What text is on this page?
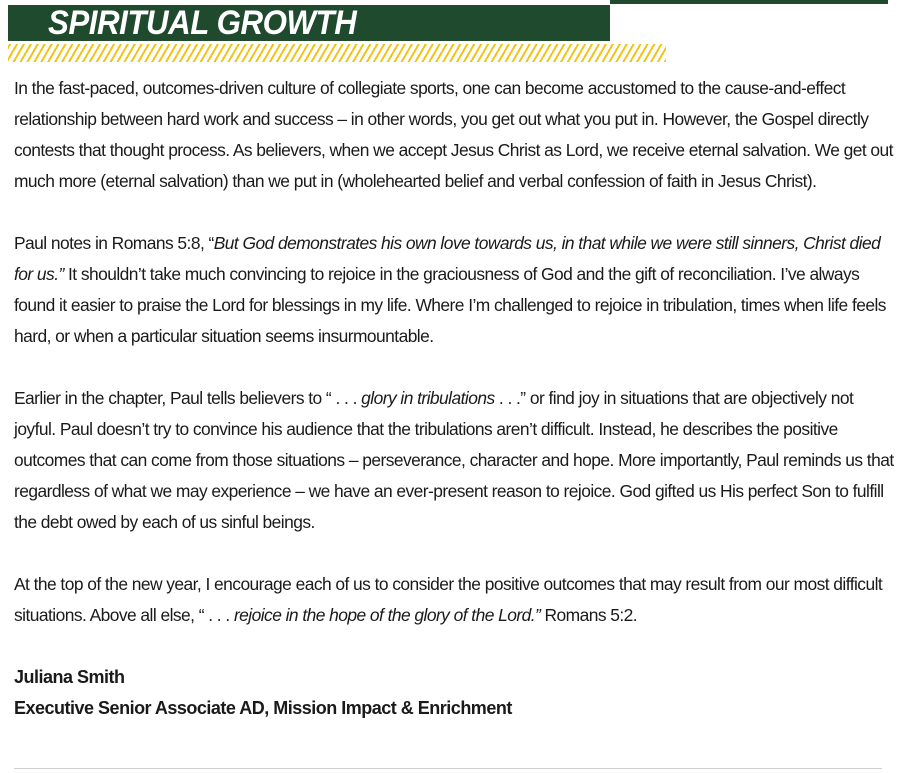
SPIRITUAL GROWTH

In the fast-paced, outcomes-driven culture of collegiate sports, one can become accustomed to the cause-and-effect relationship between hard work and success – in other words, you get out what you put in. However, the Gospel directly contests that thought process. As believers, when we accept Jesus Christ as Lord, we receive eternal salvation. We get out much more (eternal salvation) than we put in (wholehearted belief and verbal confession of faith in Jesus Christ).

Paul notes in Romans 5:8, “But God demonstrates his own love towards us, in that while we were still sinners, Christ died for us.” It shouldn’t take much convincing to rejoice in the graciousness of God and the gift of reconciliation. I’ve always found it easier to praise the Lord for blessings in my life. Where I’m challenged to rejoice in tribulation, times when life feels hard, or when a particular situation seems insurmountable.

Earlier in the chapter, Paul tells believers to “ . . . glory in tribulations . . .” or find joy in situations that are objectively not joyful. Paul doesn’t try to convince his audience that the tribulations aren’t difficult. Instead, he describes the positive outcomes that can come from those situations – perseverance, character and hope. More importantly, Paul reminds us that regardless of what we may experience – we have an ever-present reason to rejoice. God gifted us His perfect Son to fulfill the debt owed by each of us sinful beings.

At the top of the new year, I encourage each of us to consider the positive outcomes that may result from our most difficult situations. Above all else, “ . . . rejoice in the hope of the glory of the Lord.” Romans 5:2.

Juliana Smith
Executive Senior Associate AD, Mission Impact & Enrichment
